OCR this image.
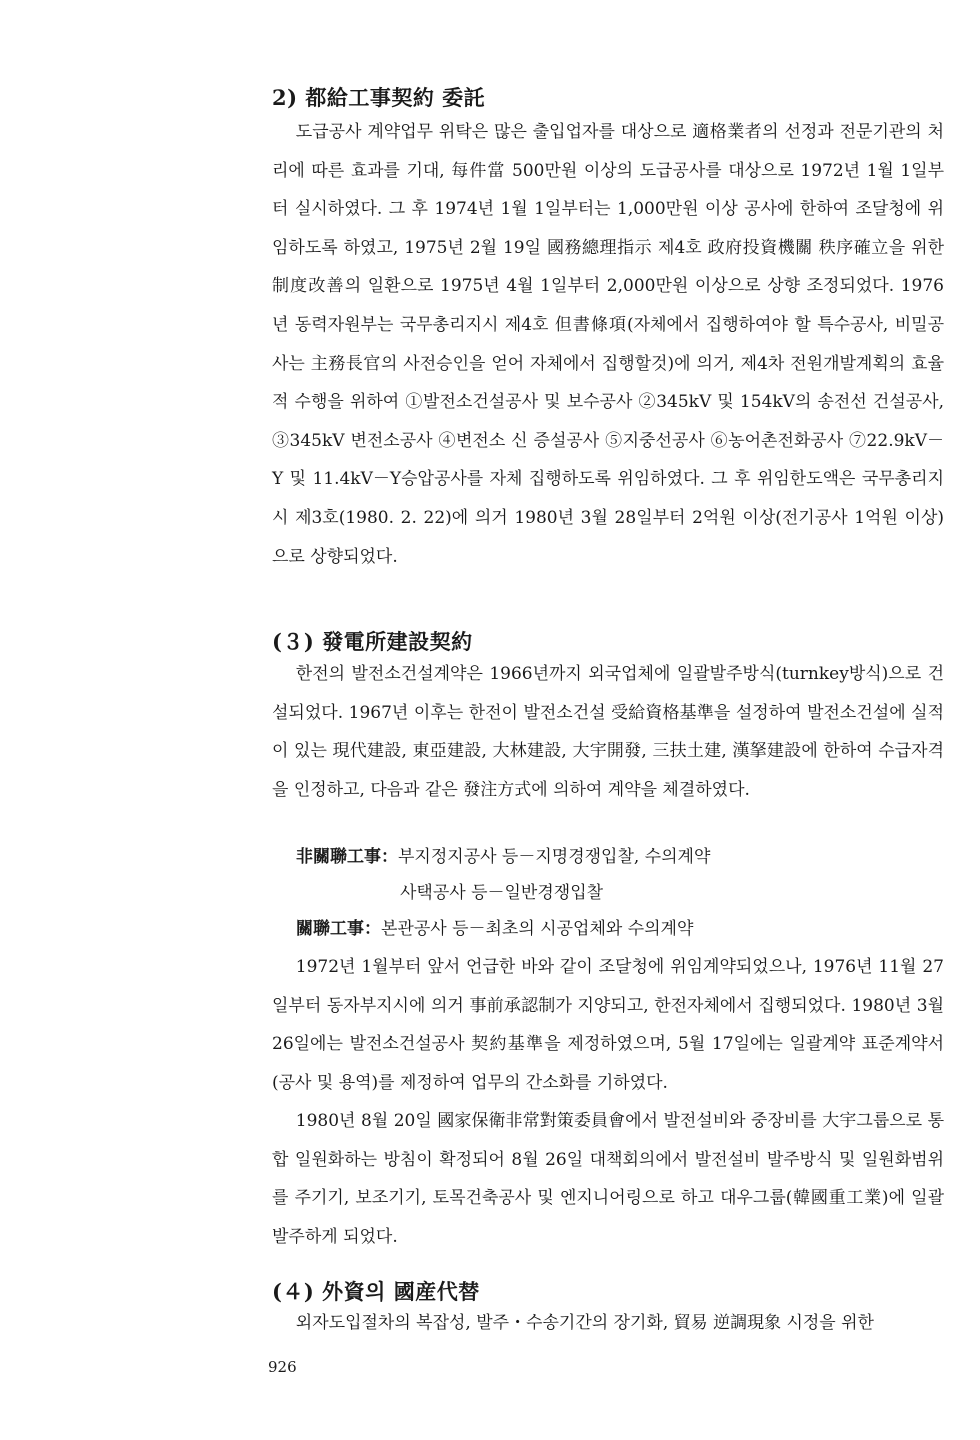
2) 都給工事契約 委託

도급공사 계약업무 위탁은 많은 출입업자를 대상으로 適格業者의 선정과 전문기관의 처리에 따른 효과를 기대, 每件當 500만원 이상의 도급공사를 대상으로 1972년 1월 1일부터 실시하였다. 그 후 1974년 1월 1일부터는 1,000만원 이상 공사에 한하여 조달청에 위임하도록 하였고, 1975년 2월 19일 國務總理指示 제4호 政府投資機關 秩序確立을 위한 制度改善의 일환으로 1975년 4월 1일부터 2,000만원 이상으로 상향 조정되었다. 1976년 동력자원부는 국무총리지시 제4호 但書條項(자체에서 집행하여야 할 특수공사, 비밀공사는 主務長官의 사전승인을 얻어 자체에서 집행할것)에 의거, 제4차 전원개발계획의 효율적 수행을 위하여 ①발전소건설공사 및 보수공사 ②345kV 및 154kV의 송전선 건설공사, ③345kV 변전소공사 ④변전소 신 증설공사 ⑤지중선공사 ⑥농어촌전화공사 ⑦22.9kV－Y 및 11.4kV－Y승압공사를 자체 집행하도록 위임하였다. 그 후 위임한도액은 국무총리지시 제3호(1980. 2. 22)에 의거 1980년 3월 28일부터 2억원 이상(전기공사 1억원 이상)으로 상향되었다.

(３) 發電所建設契約

한전의 발전소건설계약은 1966년까지 외국업체에 일괄발주방식(turnkey방식)으로 건설되었다. 1967년 이후는 한전이 발전소건설 受給資格基準을 설정하여 발전소건설에 실적이 있는 現代建設, 東亞建設, 大林建設, 大宇開發, 三扶土建, 漢拏建設에 한하여 수급자격을 인정하고, 다음과 같은 發注方式에 의하여 계약을 체결하였다.

非關聯工事：부지정지공사 등－지명경쟁입찰, 수의계약
사택공사 등－일반경쟁입찰
關聯工事：본관공사 등－최초의 시공업체와 수의계약

1972년 1월부터 앞서 언급한 바와 같이 조달청에 위임계약되었으나, 1976년 11월 27일부터 동자부지시에 의거 事前承認制가 지양되고, 한전자체에서 집행되었다. 1980년 3월 26일에는 발전소건설공사 契約基準을 제정하였으며, 5월 17일에는 일괄계약 표준계약서(공사 및 용역)를 제정하여 업무의 간소화를 기하였다.

1980년 8월 20일 國家保衛非常對策委員會에서 발전설비와 중장비를 大宇그룹으로 통합 일원화하는 방침이 확정되어 8월 26일 대책회의에서 발전설비 발주방식 및 일원화범위를 주기기, 보조기기, 토목건축공사 및 엔지니어링으로 하고 대우그룹(韓國重工業)에 일괄발주하게 되었다.

(４) 外資의 國産代替

외자도입절차의 복잡성, 발주・수송기간의 장기화, 貿易 逆調現象 시정을 위한

926
